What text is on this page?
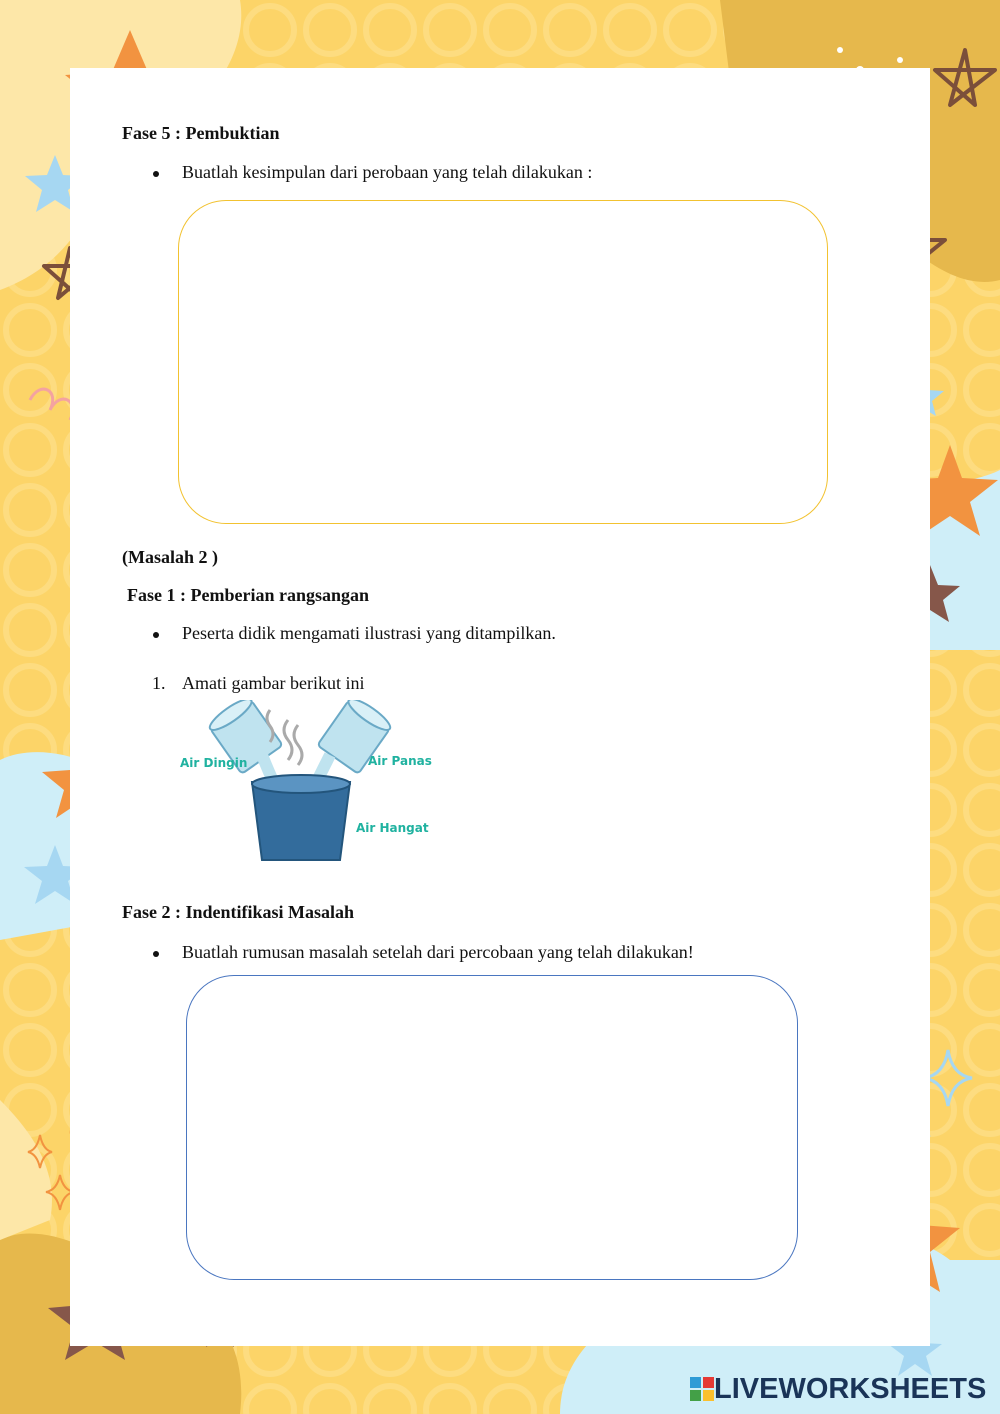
Fase 5 : Pembuktian
Buatlah kesimpulan dari perobaan yang telah dilakukan :
(Masalah 2 )
Fase 1 : Pemberian rangsangan
Peserta didik mengamati ilustrasi yang ditampilkan.
1. Amati gambar berikut ini
Air Dingin	Air Panas
Air Hangat
Fase 2 : Indentifikasi Masalah
Buatlah rumusan masalah setelah dari percobaan yang telah dilakukan!
LIVEWORKSHEETS
